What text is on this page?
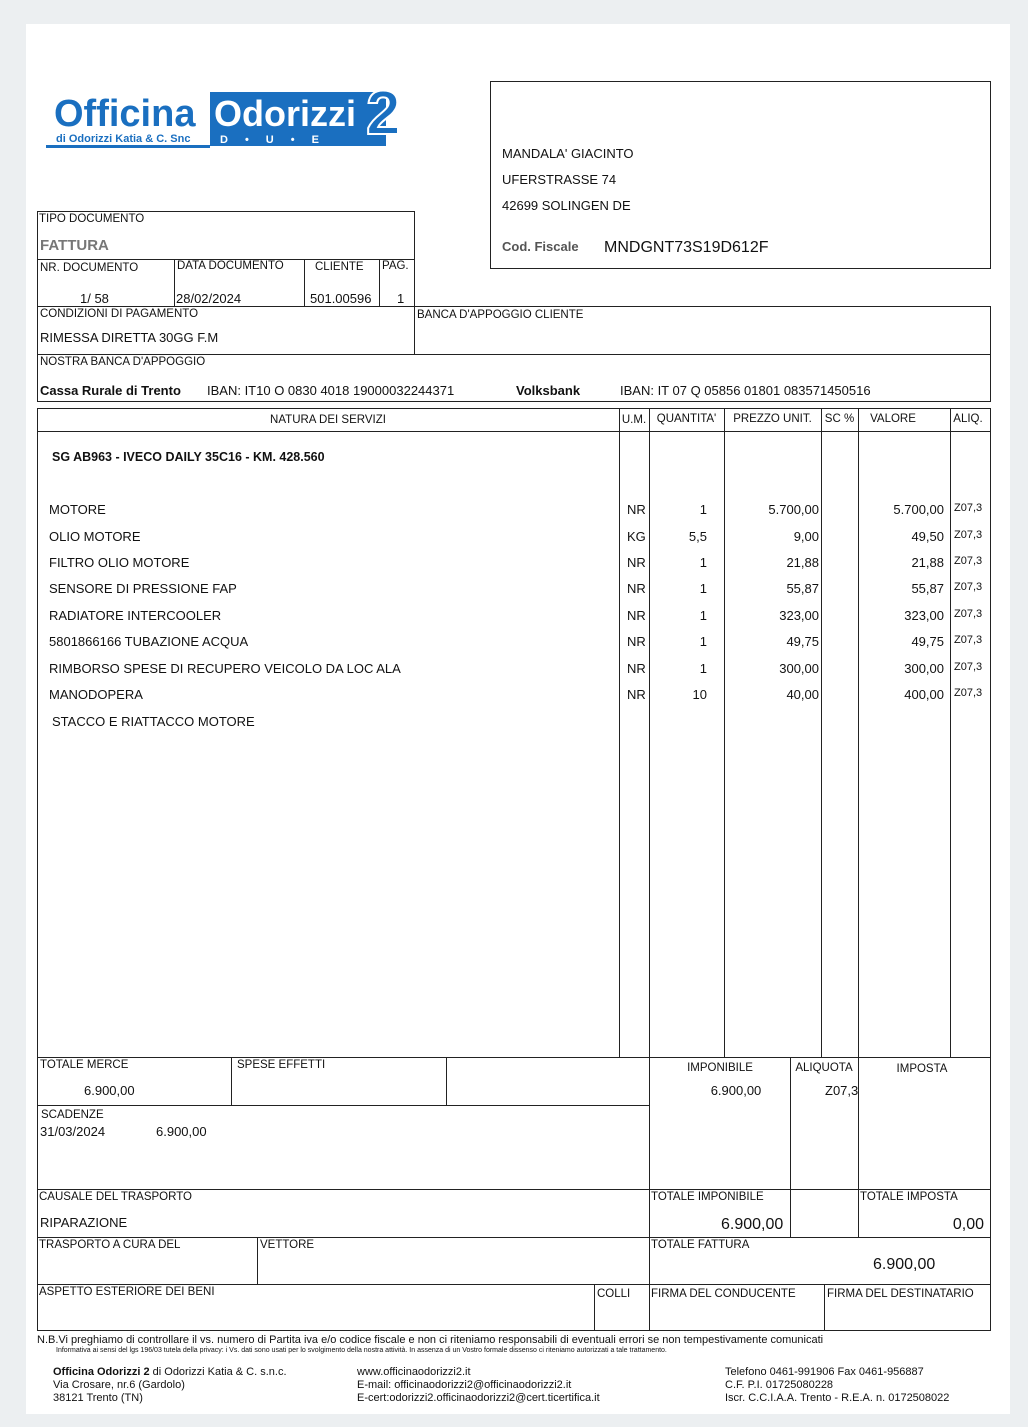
Officina Odorizzi 2
D•U•E
di Odorizzi Katia & C. Snc
MANDALA' GIACINTO
UFERSTRASSE 74
42699 SOLINGEN DE
Cod. Fiscale MNDGNT73S19D612F
TIPO DOCUMENTO
FATTURA
NR. DOCUMENTO	DATA DOCUMENTO	CLIENTE PAG.
1/ 58	28/02/2024	501.00596 1
CONDIZIONI DI PAGAMENTO
RIMESSA DIRETTA 30GG F.M
BANCA D'APPOGGIO CLIENTE
NOSTRA BANCA D'APPOGGIO
Cassa Rurale di Trento IBAN: IT10 O 0830 4018 19000032244371	Volksbank	IBAN: IT 07 Q 05856 01801 083571450516
NATURA DEI SERVIZI	U.M. QUANTITA'	PREZZO UNIT.	SC %	VALORE	ALIQ.
SG AB963 - IVECO DAILY 35C16 - KM. 428.560
MOTORE	NR	1	5.700,00	5.700,00 Z07,3
OLIO MOTORE	KG	5,5	9,00	49,50 Z07,3
FILTRO OLIO MOTORE	NR	1	21,88	21,88 Z07,3
SENSORE DI PRESSIONE FAP	NR	1	55,87	55,87 Z07,3
RADIATORE INTERCOOLER	NR	1	323,00	323,00 Z07,3
5801866166 TUBAZIONE ACQUA	NR	1	49,75	49,75 Z07,3
RIMBORSO SPESE DI RECUPERO VEICOLO DA LOC ALA	NR	1	300,00	300,00 Z07,3
MANODOPERA	NR	10	40,00	400,00 Z07,3
STACCO E RIATTACCO MOTORE
TOTALE MERCE
6.900,00
SPESE EFFETTI
SCADENZE
31/03/2024	6.900,00
IMPONIBILE	ALIQUOTA	IMPOSTA
6.900,00	Z07,3
CAUSALE DEL TRASPORTO
RIPARAZIONE
TOTALE IMPONIBILE
6.900,00
TOTALE IMPOSTA
0,00
TRASPORTO A CURA DEL	VETTORE	TOTALE FATTURA
6.900,00
ASPETTO ESTERIORE DEI BENI	COLLI FIRMA DEL CONDUCENTE	FIRMA DEL DESTINATARIO
N.B.Vi preghiamo di controllare il vs. numero di Partita iva e/o codice fiscale e non ci riteniamo responsabili di eventuali errori se non tempestivamente comunicati
Informativa ai sensi del lgs 196/03 tutela della privacy: i Vs. dati sono usati per lo svolgimento della nostra attività. In assenza di un Vostro formale dissenso ci riteniamo autorizzati a tale trattamento.
Officina Odorizzi 2 di Odorizzi Katia & C. s.n.c.
Via Crosare, nr.6 (Gardolo)
38121 Trento (TN)
www.officinaodorizzi2.it
E-mail: officinaodorizzi2@officinaodorizzi2.it
E-cert:odorizzi2.officinaodorizzi2@cert.ticertifica.it
Telefono 0461-991906 Fax 0461-956887
C.F. P.I. 01725080228
Iscr. C.C.I.A.A. Trento - R.E.A. n. 0172508022
